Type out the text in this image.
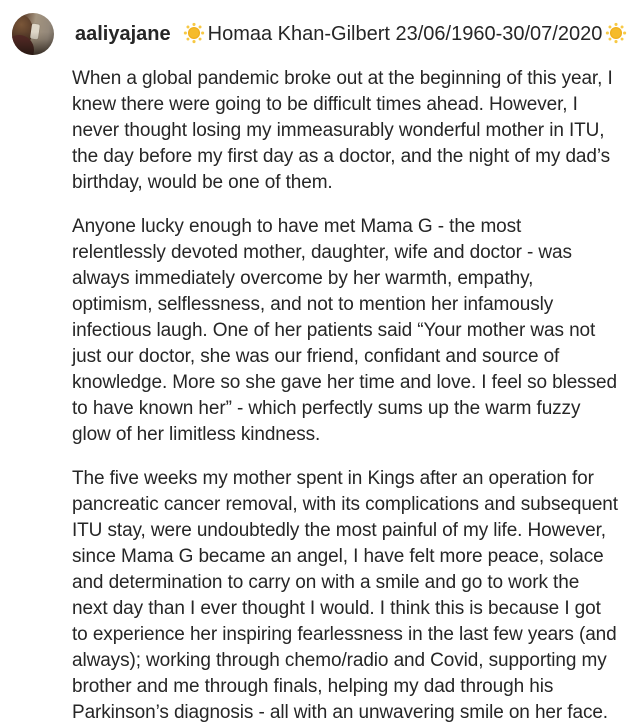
aaliyajane Homaa Khan-Gilbert 23/06/1960-30/07/2020

When a global pandemic broke out at the beginning of this year, I knew there were going to be difficult times ahead. However, I never thought losing my immeasurably wonderful mother in ITU, the day before my first day as a doctor, and the night of my dad’s birthday, would be one of them.

Anyone lucky enough to have met Mama G - the most relentlessly devoted mother, daughter, wife and doctor - was always immediately overcome by her warmth, empathy, optimism, selflessness, and not to mention her infamously infectious laugh. One of her patients said “Your mother was not just our doctor, she was our friend, confidant and source of knowledge. More so she gave her time and love. I feel so blessed to have known her” - which perfectly sums up the warm fuzzy glow of her limitless kindness.

The five weeks my mother spent in Kings after an operation for pancreatic cancer removal, with its complications and subsequent ITU stay, were undoubtedly the most painful of my life. However, since Mama G became an angel, I have felt more peace, solace and determination to carry on with a smile and go to work the next day than I ever thought I would. I think this is because I got to experience her inspiring fearlessness in the last few years (and always); working through chemo/radio and Covid, supporting my brother and me through finals, helping my dad through his Parkinson’s diagnosis - all with an unwavering smile on her face.
